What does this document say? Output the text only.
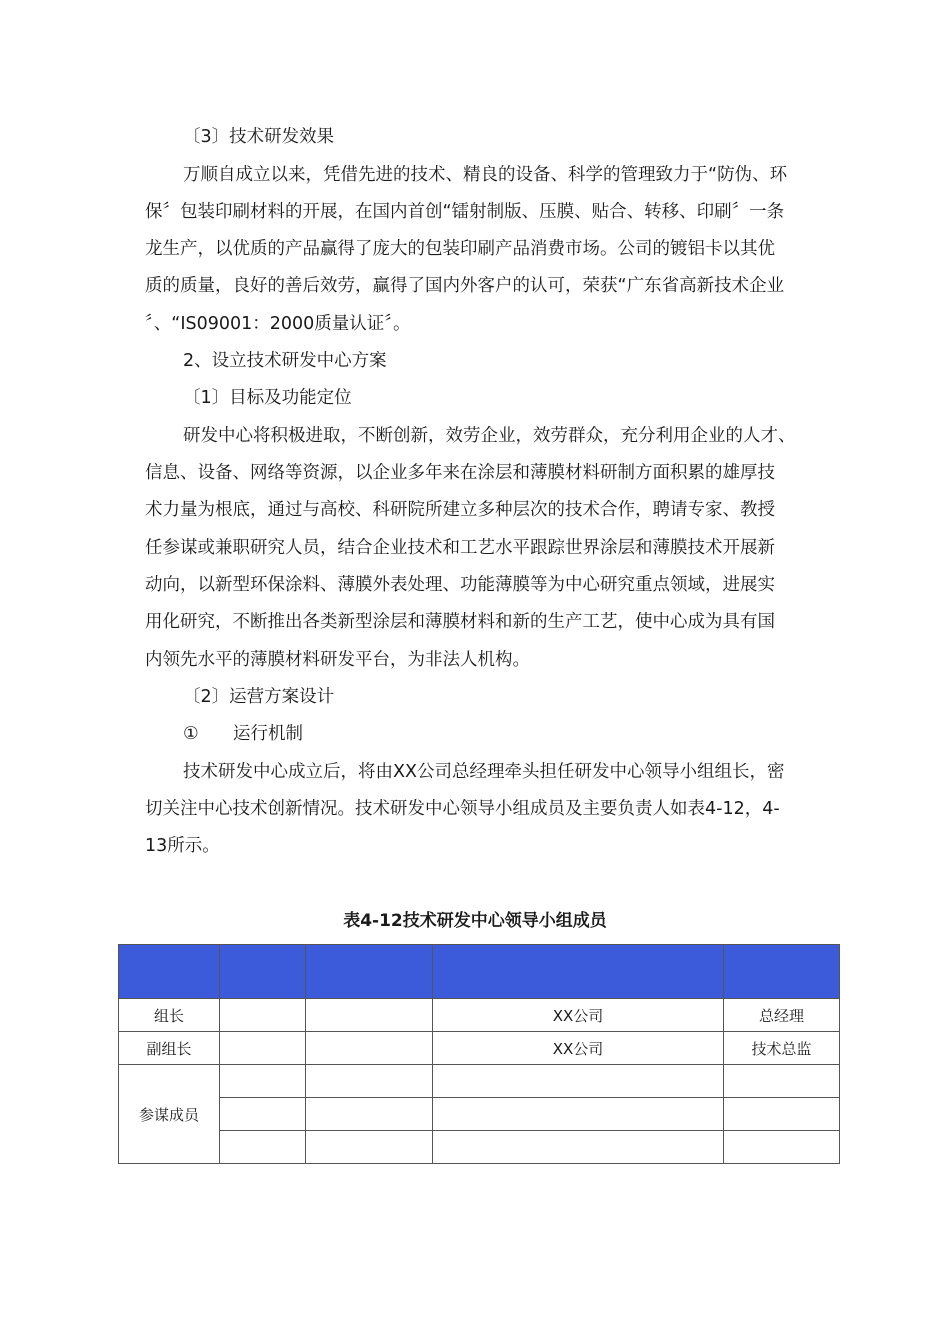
〔3〕技术研发效果
万顺自成立以来，凭借先进的技术、精良的设备、科学的管理致力于“防伪、环
保〞包装印刷材料的开展，在国内首创“镭射制版、压膜、贴合、转移、印刷〞一条
龙生产，以优质的产品赢得了庞大的包装印刷产品消费市场。公司的镀铝卡以其优
质的质量，良好的善后效劳，赢得了国内外客户的认可，荣获“广东省高新技术企业
〞、“IS09001：2000质量认证〞。
2、设立技术研发中心方案
〔1〕目标及功能定位
研发中心将积极进取，不断创新，效劳企业，效劳群众，充分利用企业的人才、
信息、设备、网络等资源，以企业多年来在涂层和薄膜材料研制方面积累的雄厚技
术力量为根底，通过与高校、科研院所建立多种层次的技术合作，聘请专家、教授
任参谋或兼职研究人员，结合企业技术和工艺水平跟踪世界涂层和薄膜技术开展新
动向，以新型环保涂料、薄膜外表处理、功能薄膜等为中心研究重点领域，进展实
用化研究，不断推出各类新型涂层和薄膜材料和新的生产工艺，使中心成为具有国
内领先水平的薄膜材料研发平台，为非法人机构。
〔2〕运营方案设计
① 运行机制
技术研发中心成立后，将由XX公司总经理牵头担任研发中心领导小组组长，密
切关注中心技术创新情况。技术研发中心领导小组成员及主要负责人如表4-12，4-
13所示。
表4-12技术研发中心领导小组成员

组长			XX公司	总经理
副组长			XX公司	技术总监
参谋成员				
